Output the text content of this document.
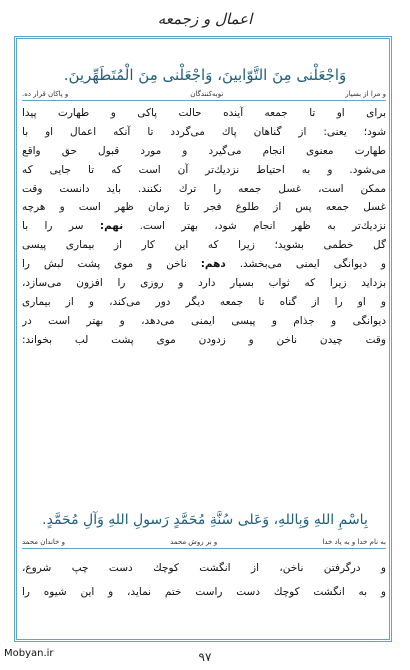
اعمال و زجمعه
وَاجْعَلْنى مِنَ التَّوّابينَ، وَاجْعَلْنى مِنَ الْمُتَطَهِّرينَ.
و مرا از بسيار
توبه‌كنندگان
و پاكان قرار ده.
براى او تا جمعه آينده حالت پاكى و طهارت پيدا
شود؛ يعنى: از گناهان پاك مى‌گردد تا آنكه اعمال او با
طهارت معنوى انجام مى‌گيرد و مورد قبول حق واقع
مى‌شود. و به احتياط نزديك‌تر آن است كه تا جايى كه
ممكن است، غسل جمعه را ترك نكنند. بايد دانست وقت
غسل جمعه پس از طلوع فجر تا زمان ظهر است و هرچه
نزديك‌تر به ظهر انجام شود، بهتر است. نهم: سر را با
گل خطمى بشويد؛ زيرا كه اين كار از بيمارى پيسى
و ديوانگى ايمنى مى‌بخشد. دهم: ناخن و موى پشت لبش را
بزدايد زيرا كه ثواب بسيار دارد و روزى را افزون مى‌سازد،
و او را از گناه تا جمعه ديگر دور مى‌كند، و از بيمارى
ديوانگى و جذام و پيسى ايمنى مى‌دهد، و بهتر است در
وقت چيدن ناخن و زدودن موى پشت لب بخواند:
بِاسْمِ اللهِ وَبِاللهِ، وَعَلى سُنَّةِ مُحَمَّدٍ رَسولِ اللهِ وَآلِ مُحَمَّدٍ.
به نام خدا و به ياد خدا
و بر روش محمد
و خاندان محمد
و درگرفتن ناخن، از انگشت كوچك دست چپ شروع،
و به انگشت كوچك دست راست ختم نمايد، و اين شيوه را
Mobyan.ir	۹۷
